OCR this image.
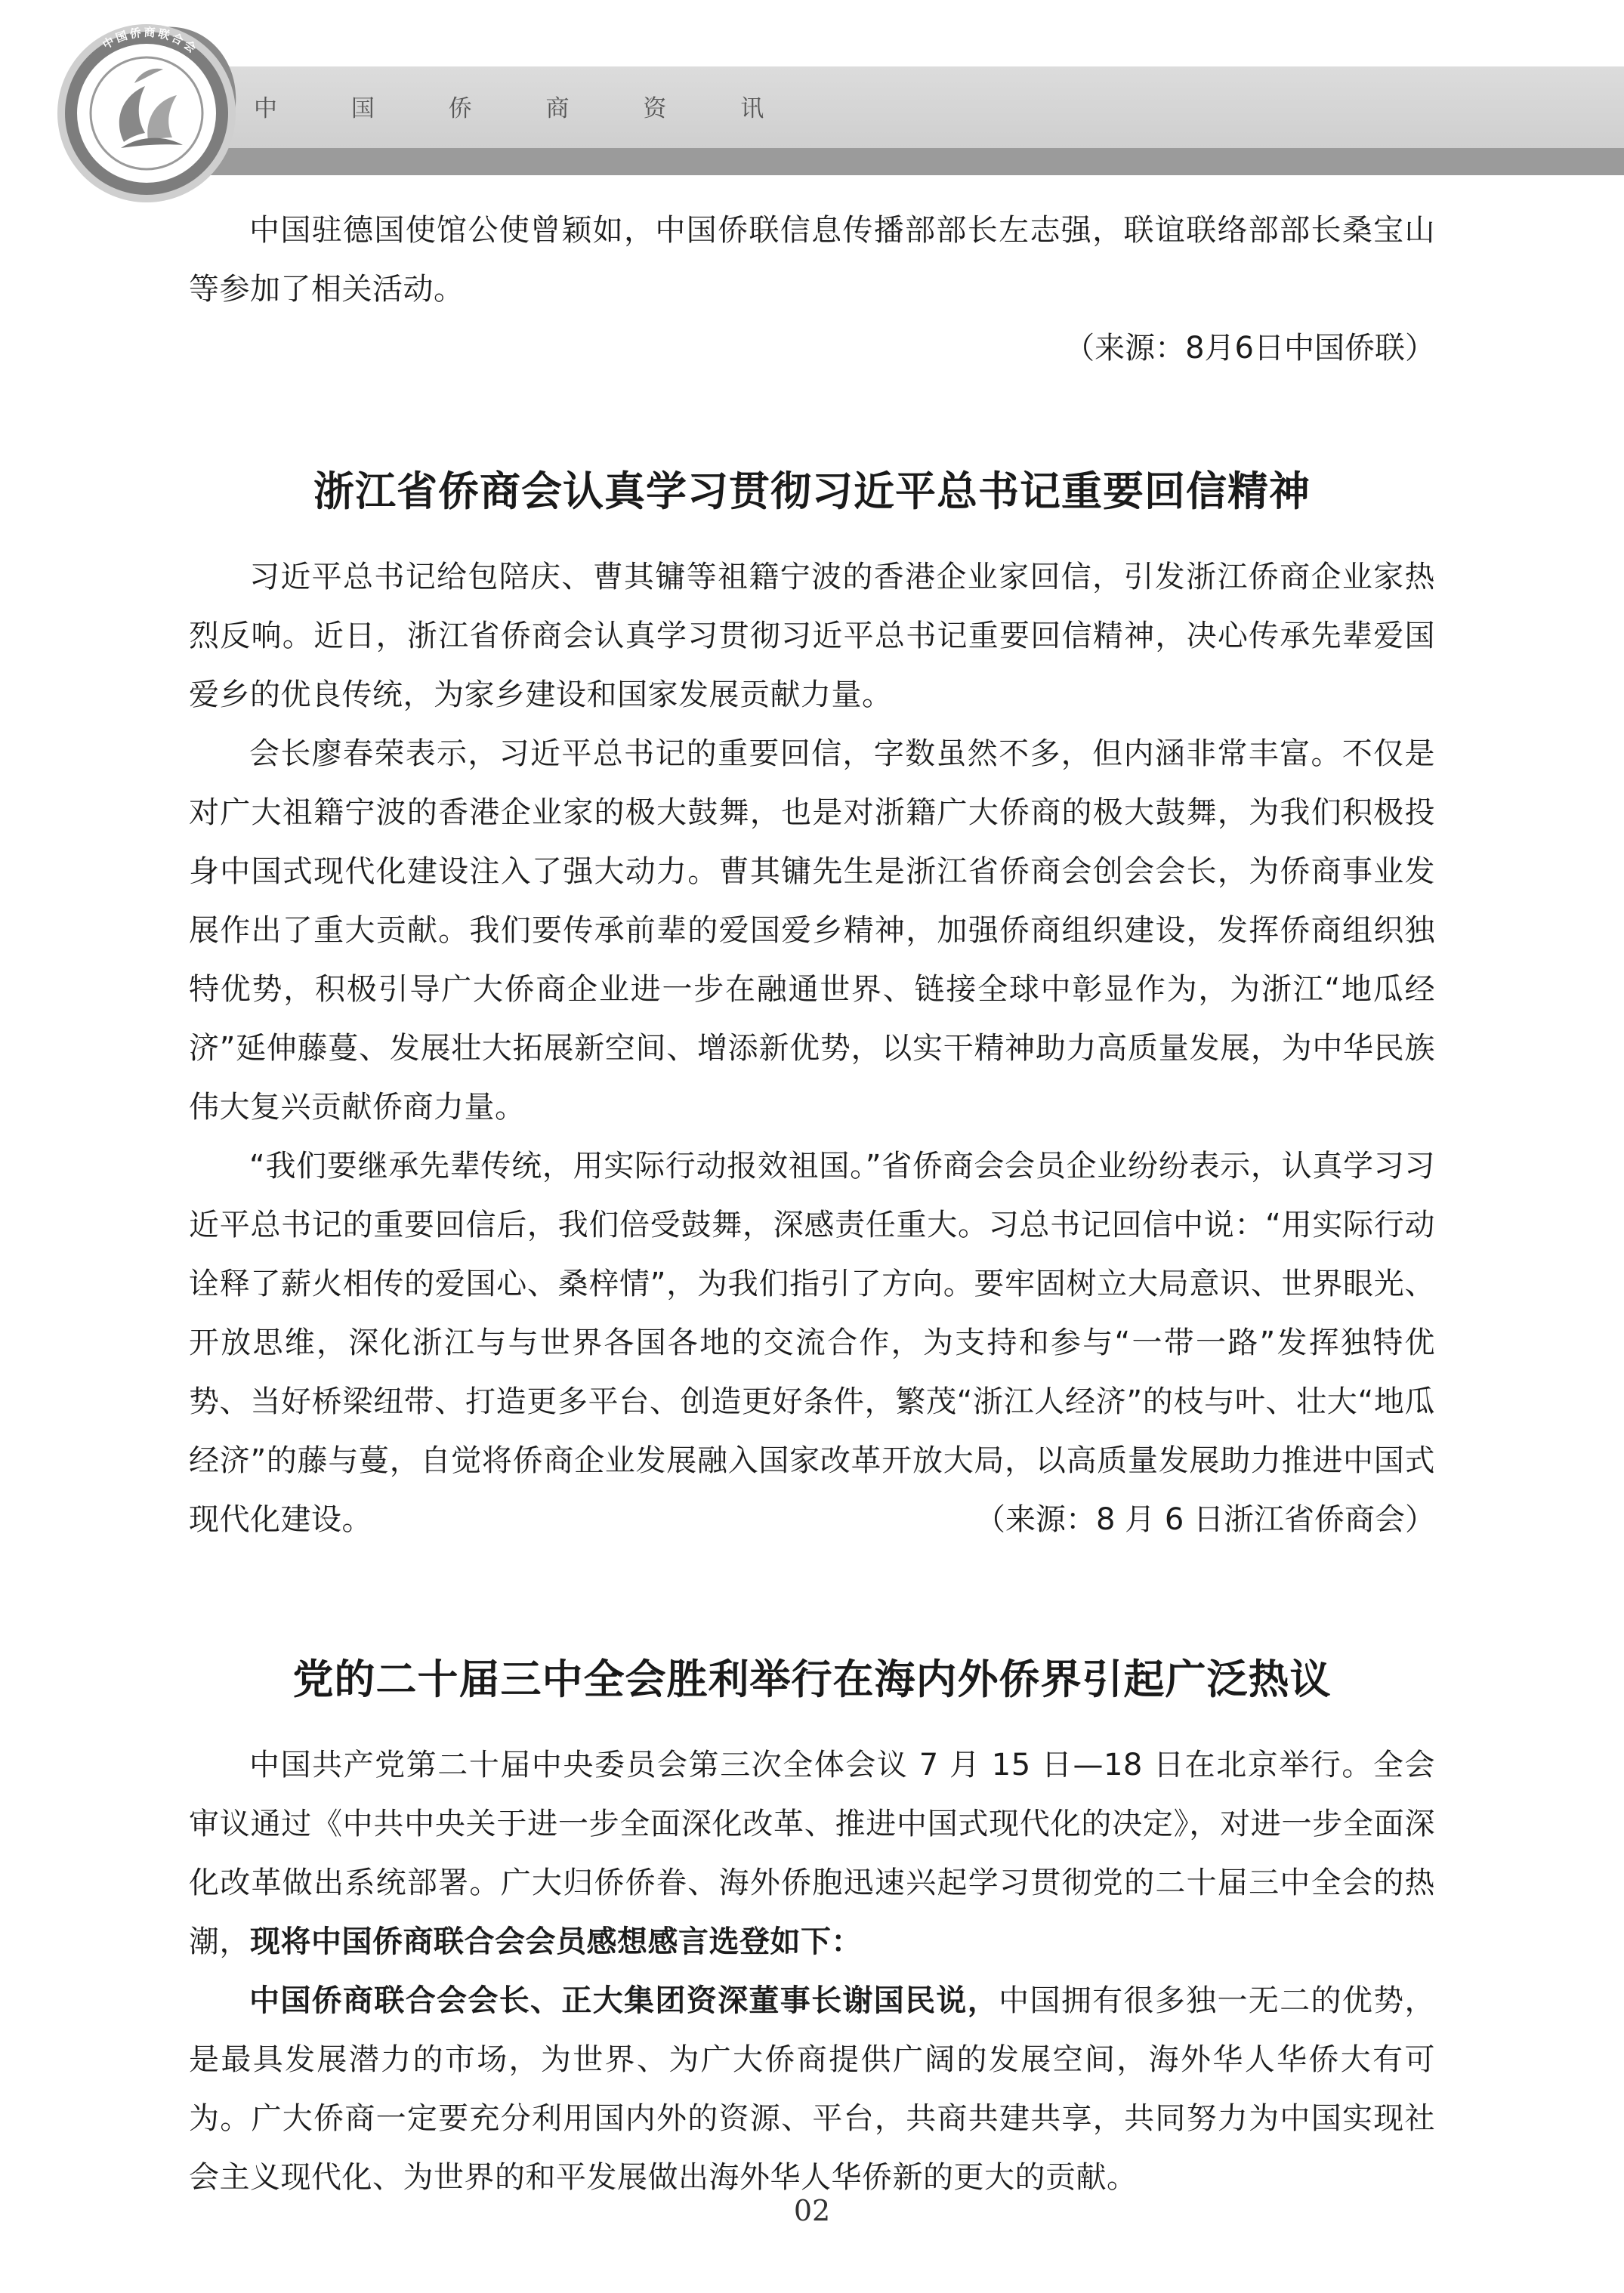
中国侨商联合会
中 国 侨 商 资 讯

中国驻德国使馆公使曾颖如，中国侨联信息传播部部长左志强，联谊联络部部长桑宝山等参加了相关活动。

（来源：8月6日中国侨联）
浙江省侨商会认真学习贯彻习近平总书记重要回信精神

习近平总书记给包陪庆、曹其镛等祖籍宁波的香港企业家回信，引发浙江侨商企业家热烈反响。近日，浙江省侨商会认真学习贯彻习近平总书记重要回信精神，决心传承先辈爱国爱乡的优良传统，为家乡建设和国家发展贡献力量。

会长廖春荣表示，习近平总书记的重要回信，字数虽然不多，但内涵非常丰富。不仅是对广大祖籍宁波的香港企业家的极大鼓舞，也是对浙籍广大侨商的极大鼓舞，为我们积极投身中国式现代化建设注入了强大动力。曹其镛先生是浙江省侨商会创会会长，为侨商事业发展作出了重大贡献。我们要传承前辈的爱国爱乡精神，加强侨商组织建设，发挥侨商组织独特优势，积极引导广大侨商企业进一步在融通世界、链接全球中彰显作为，为浙江“地瓜经济”延伸藤蔓、发展壮大拓展新空间、增添新优势，以实干精神助力高质量发展，为中华民族伟大复兴贡献侨商力量。

“我们要继承先辈传统，用实际行动报效祖国。”省侨商会会员企业纷纷表示，认真学习习近平总书记的重要回信后，我们倍受鼓舞，深感责任重大。习总书记回信中说：“用实际行动诠释了薪火相传的爱国心、桑梓情”，为我们指引了方向。要牢固树立大局意识、世界眼光、开放思维，深化浙江与与世界各国各地的交流合作，为支持和参与“一带一路”发挥独特优势、当好桥梁纽带、打造更多平台、创造更好条件，繁茂“浙江人经济”的枝与叶、壮大“地瓜经济”的藤与蔓，自觉将侨商企业发展融入国家改革开放大局，以高质量发展助力推进中国式现代化建设。	（来源：8 月 6 日浙江省侨商会）
党的二十届三中全会胜利举行在海内外侨界引起广泛热议

中国共产党第二十届中央委员会第三次全体会议 7 月 15 日—18 日在北京举行。全会审议通过《中共中央关于进一步全面深化改革、推进中国式现代化的决定》，对进一步全面深化改革做出系统部署。广大归侨侨眷、海外侨胞迅速兴起学习贯彻党的二十届三中全会的热潮，现将中国侨商联合会会员感想感言选登如下：

中国侨商联合会会长、正大集团资深董事长谢国民说，中国拥有很多独一无二的优势，是最具发展潜力的市场，为世界、为广大侨商提供广阔的发展空间，海外华人华侨大有可为。广大侨商一定要充分利用国内外的资源、平台，共商共建共享，共同努力为中国实现社会主义现代化、为世界的和平发展做出海外华人华侨新的更大的贡献。

02
